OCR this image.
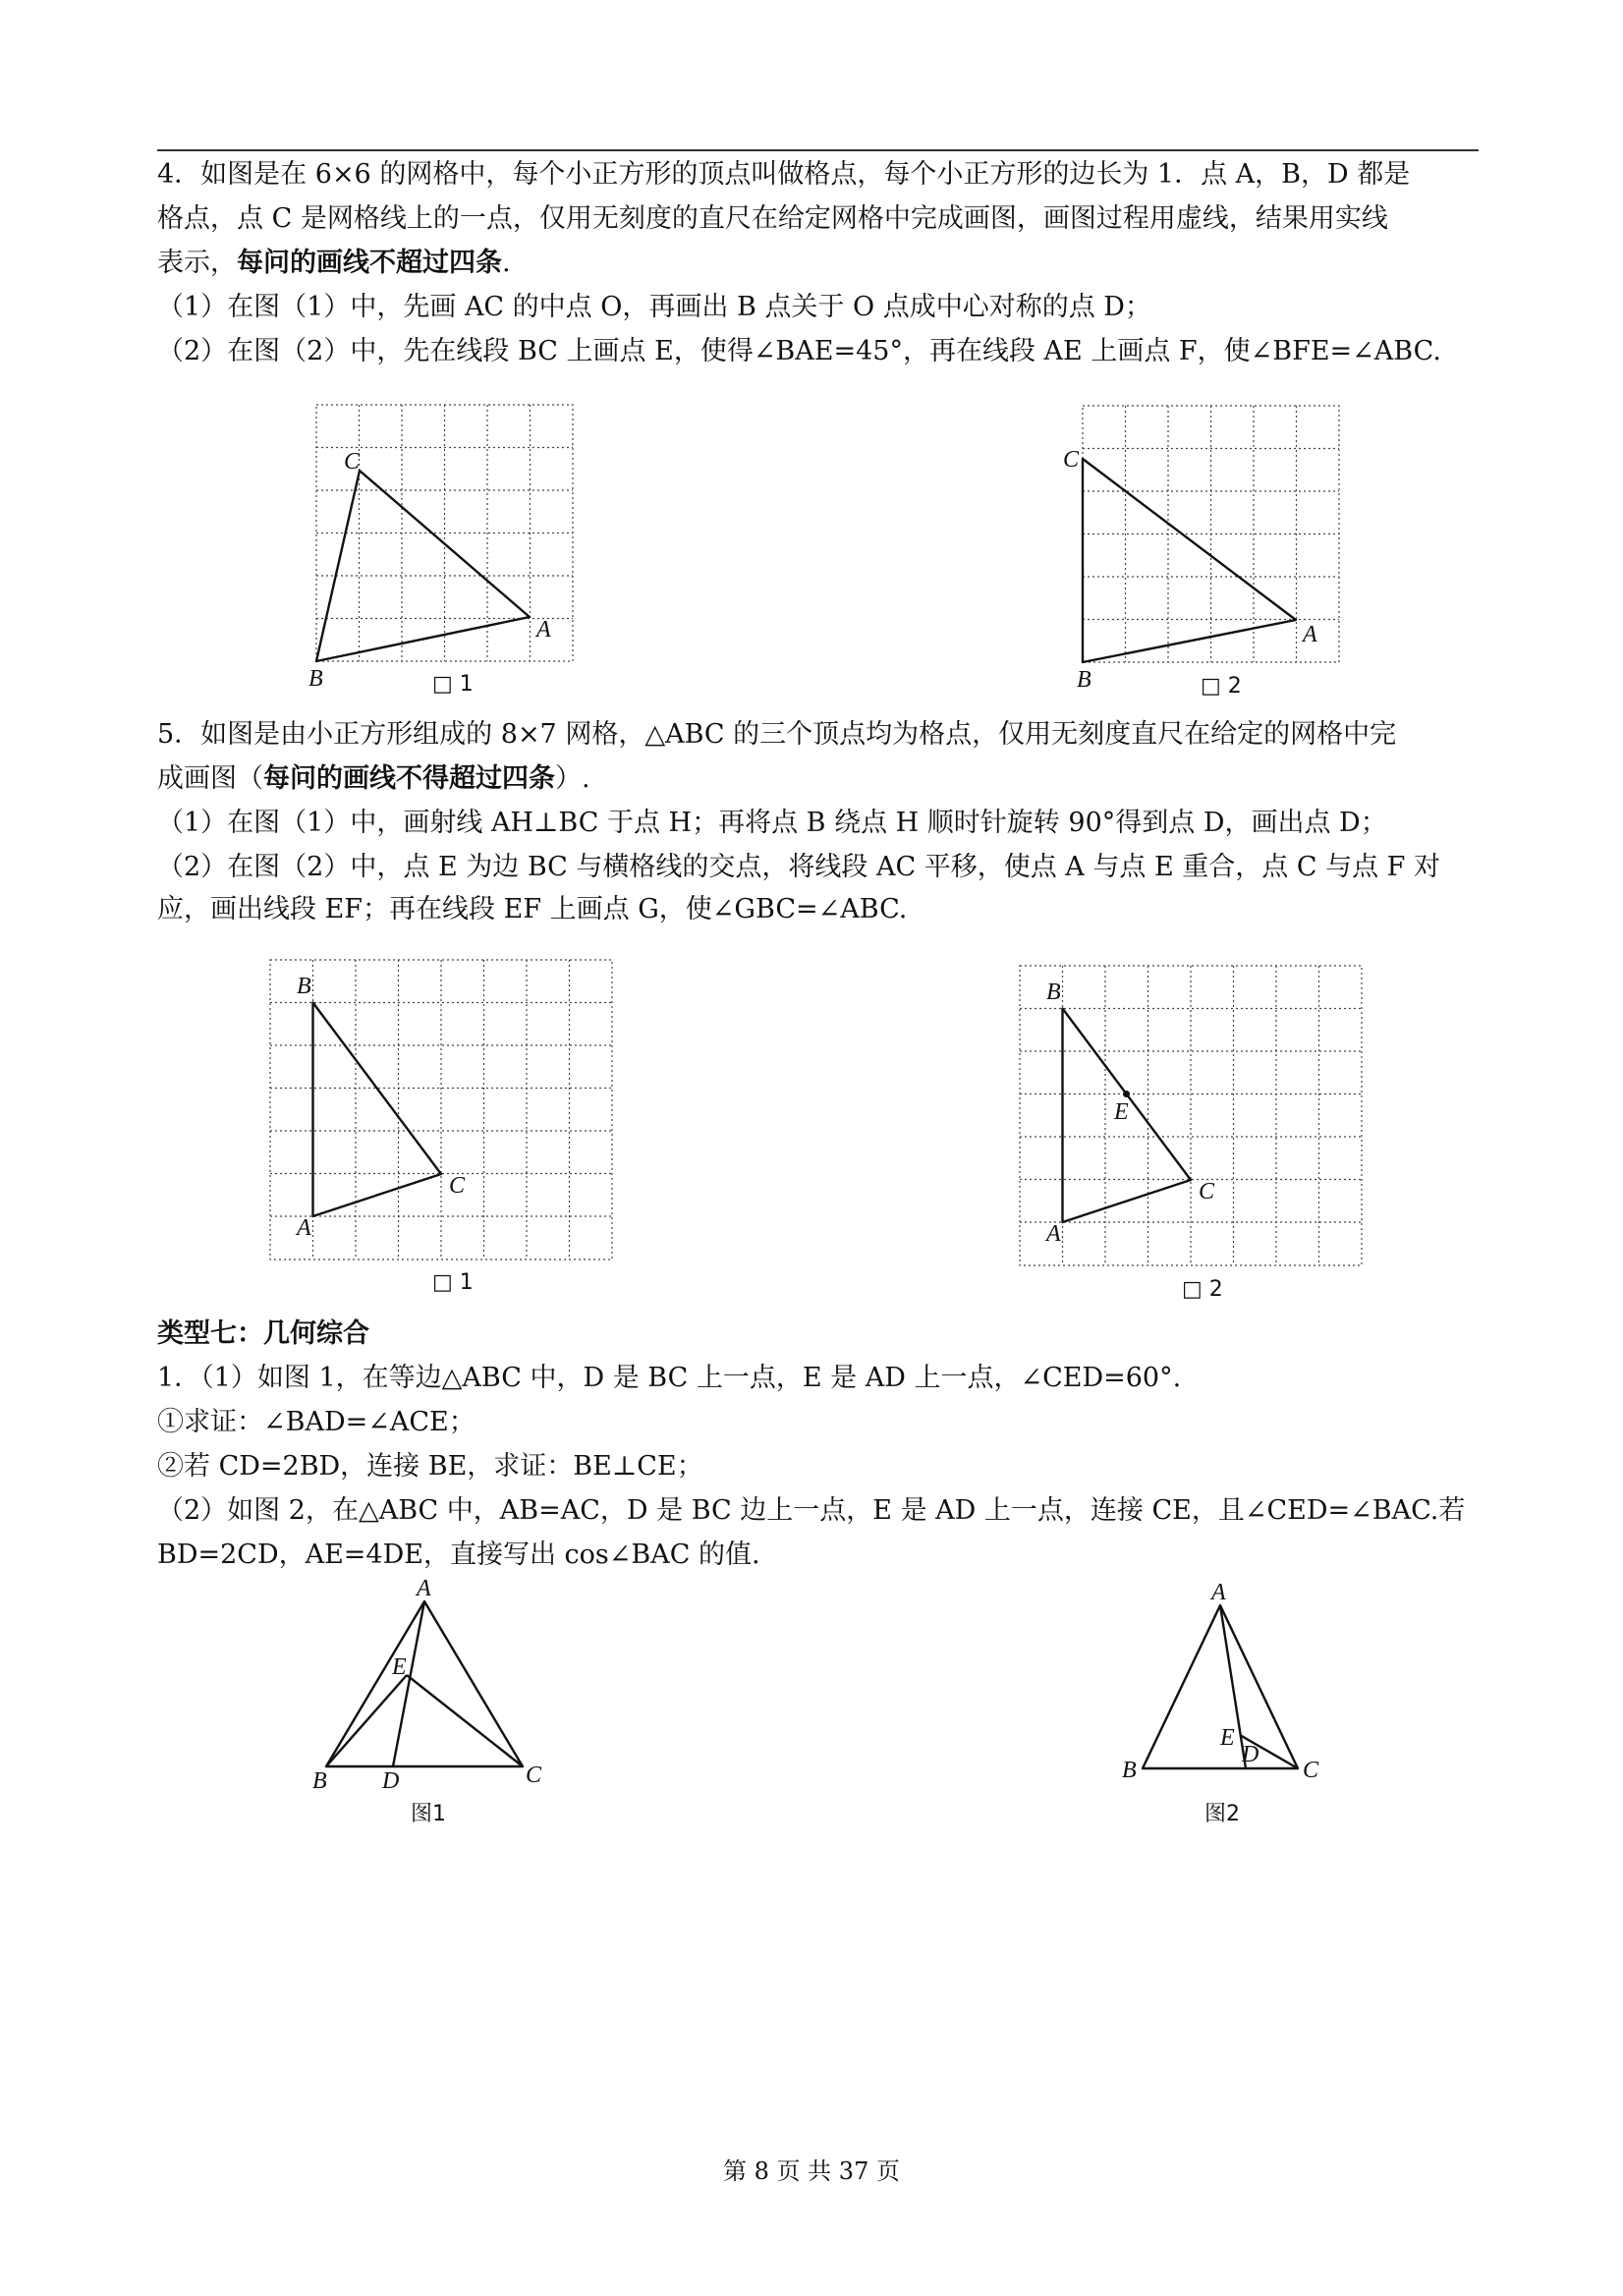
4．如图是在 6×6 的网格中，每个小正方形的顶点叫做格点，每个小正方形的边长为 1．点 A，B，D 都是
格点，点 C 是网格线上的一点，仅用无刻度的直尺在给定网格中完成画图，画图过程用虚线，结果用实线
表示，每问的画线不超过四条.
（1）在图（1）中，先画 AC 的中点 O，再画出 B 点关于 O 点成中心对称的点 D；
（2）在图（2）中，先在线段 BC 上画点 E，使得∠BAE=45°，再在线段 AE 上画点 F，使∠BFE=∠ABC.
C
A
B	□ 1
C
A
B	□ 2
5．如图是由小正方形组成的 8×7 网格，△ABC 的三个顶点均为格点，仅用无刻度直尺在给定的网格中完
成画图（每问的画线不得超过四条）.
（1）在图（1）中，画射线 AH⊥BC 于点 H；再将点 B 绕点 H 顺时针旋转 90°得到点 D，画出点 D；
（2）在图（2）中，点 E 为边 BC 与横格线的交点，将线段 AC 平移，使点 A 与点 E 重合，点 C 与点 F 对
应，画出线段 EF；再在线段 EF 上画点 G，使∠GBC=∠ABC.
B
C
A
□ 1
B
E
C
A
□ 2
类型七：几何综合
1．（1）如图 1，在等边△ABC 中，D 是 BC 上一点，E 是 AD 上一点，∠CED=60°.
①求证：∠BAD=∠ACE；
②若 CD=2BD，连接 BE，求证：BE⊥CE；
（2）如图 2，在△ABC 中，AB=AC，D 是 BC 边上一点，E 是 AD 上一点，连接 CE，且∠CED=∠BAC.若
BD=2CD，AE=4DE，直接写出 cos∠BAC 的值.
A
E
B D	C
图1
A
E
B
D
C
图2
第 8 页 共 37 页
